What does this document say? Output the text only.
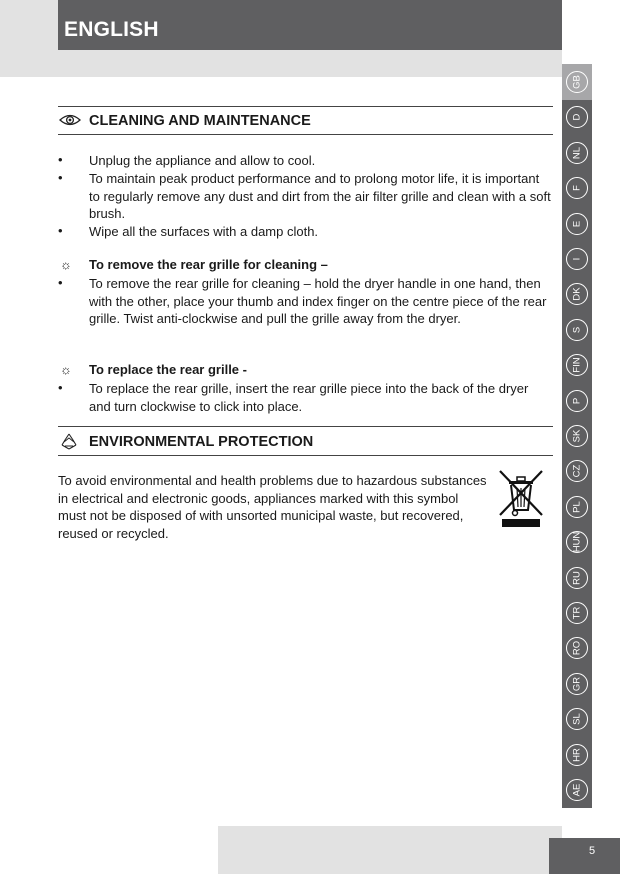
ENGLISH
GB
D
NL
F
E
I
DK
S
FIN
P
SK
CZ
PL
HUN
RU
TR
RO
GR
SL
HR
AE
CLEANING AND MAINTENANCE
• Unplug the appliance and allow to cool.
• To maintain peak product performance and to prolong motor life, it is important to regularly remove any dust and dirt from the air filter grille and clean with a soft brush.
• Wipe all the surfaces with a damp cloth.
☼ To remove the rear grille for cleaning –
• To remove the rear grille for cleaning – hold the dryer handle in one hand, then with the other, place your thumb and index finger on the centre piece of the rear grille. Twist anti-clockwise and pull the grille away from the dryer.
☼ To replace the rear grille -
• To replace the rear grille, insert the rear grille piece into the back of the dryer and turn clockwise to click into place.
ENVIRONMENTAL PROTECTION
To avoid environmental and health problems due to hazardous substances in electrical and electronic goods, appliances marked with this symbol must not be disposed of with unsorted municipal waste, but recovered, reused or recycled.
5
